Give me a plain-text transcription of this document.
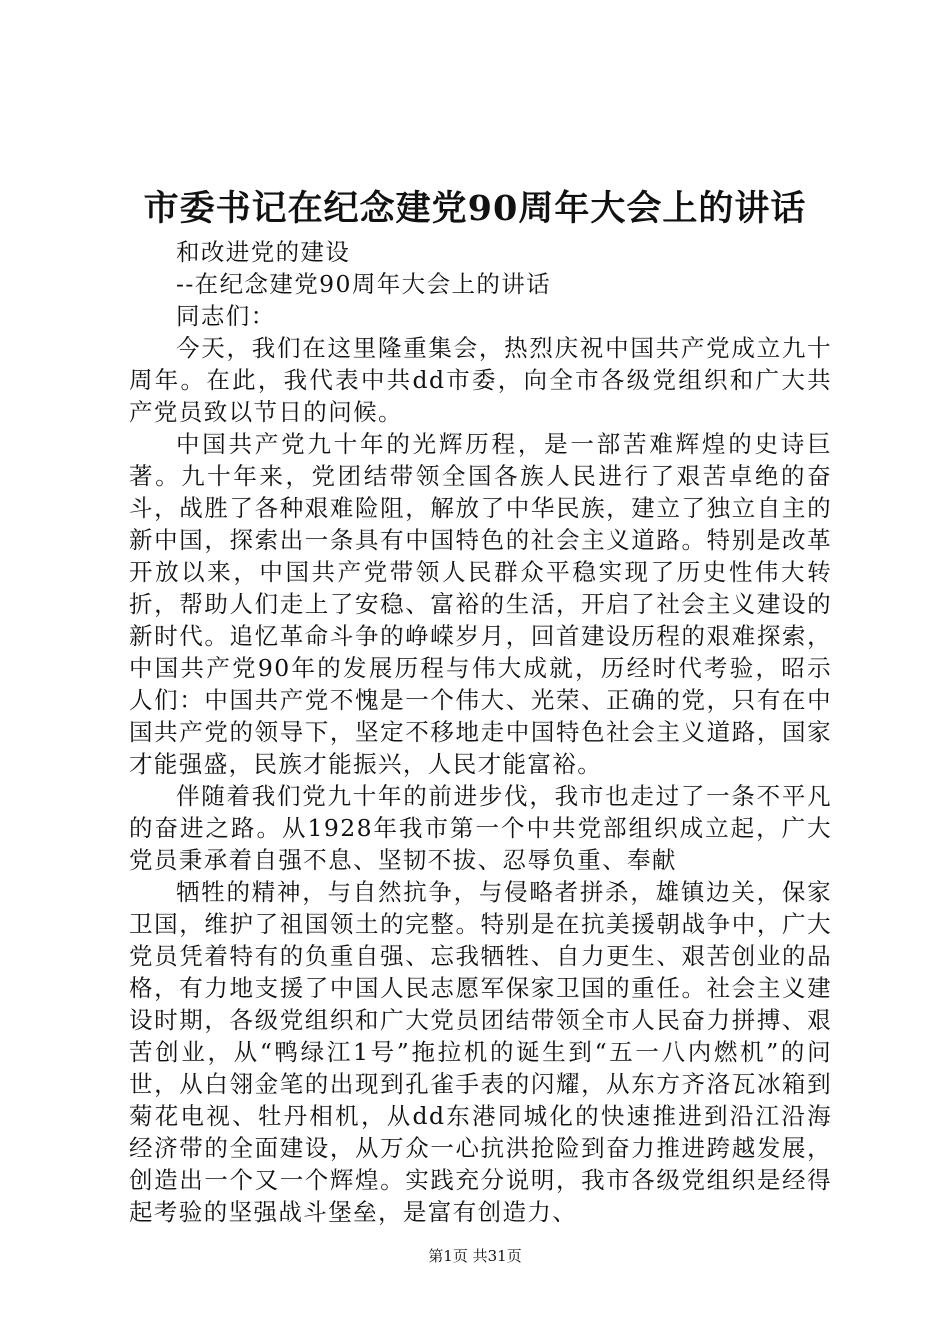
市委书记在纪念建党90周年大会上的讲话

和改进党的建设

--在纪念建党90周年大会上的讲话

同志们：

今天，我们在这里隆重集会，热烈庆祝中国共产党成立九十周年。在此，我代表中共dd市委，向全市各级党组织和广大共产党员致以节日的问候。

中国共产党九十年的光辉历程，是一部苦难辉煌的史诗巨著。九十年来，党团结带领全国各族人民进行了艰苦卓绝的奋斗，战胜了各种艰难险阻，解放了中华民族，建立了独立自主的新中国，探索出一条具有中国特色的社会主义道路。特别是改革开放以来，中国共产党带领人民群众平稳实现了历史性伟大转折，帮助人们走上了安稳、富裕的生活，开启了社会主义建设的新时代。追忆革命斗争的峥嵘岁月，回首建设历程的艰难探索，中国共产党90年的发展历程与伟大成就，历经时代考验，昭示人们：中国共产党不愧是一个伟大、光荣、正确的党，只有在中国共产党的领导下，坚定不移地走中国特色社会主义道路，国家才能强盛，民族才能振兴，人民才能富裕。

伴随着我们党九十年的前进步伐，我市也走过了一条不平凡的奋进之路。从1928年我市第一个中共党部组织成立起，广大党员秉承着自强不息、坚韧不拔、忍辱负重、奉献

牺牲的精神，与自然抗争，与侵略者拼杀，雄镇边关，保家卫国，维护了祖国领土的完整。特别是在抗美援朝战争中，广大党员凭着特有的负重自强、忘我牺牲、自力更生、艰苦创业的品格，有力地支援了中国人民志愿军保家卫国的重任。社会主义建设时期，各级党组织和广大党员团结带领全市人民奋力拼搏、艰苦创业，从“鸭绿江1号”拖拉机的诞生到“五一八内燃机”的问世，从白翎金笔的出现到孔雀手表的闪耀，从东方齐洛瓦冰箱到菊花电视、牡丹相机，从dd东港同城化的快速推进到沿江沿海经济带的全面建设，从万众一心抗洪抢险到奋力推进跨越发展，创造出一个又一个辉煌。实践充分说明，我市各级党组织是经得起考验的坚强战斗堡垒，是富有创造力、

第1页 共31页
